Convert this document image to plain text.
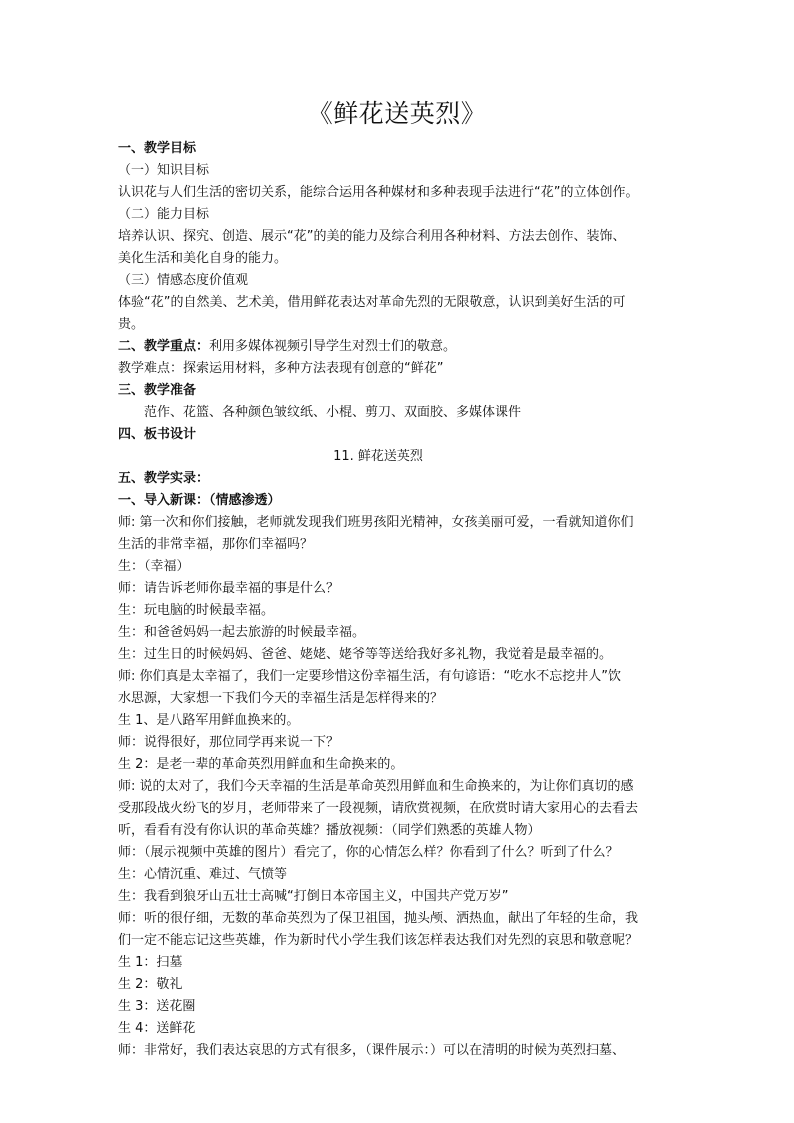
《鲜花送英烈》
一、教学目标
（一）知识目标
认识花与人们生活的密切关系，能综合运用各种媒材和多种表现手法进行“花”的立体创作。
（二）能力目标
培养认识、探究、创造、展示“花”的美的能力及综合利用各种材料、方法去创作、装饰、
美化生活和美化自身的能力。
（三）情感态度价值观
体验“花”的自然美、艺术美，借用鲜花表达对革命先烈的无限敬意，认识到美好生活的可
贵。
二、教学重点：利用多媒体视频引导学生对烈士们的敬意。
教学难点：探索运用材料，多种方法表现有创意的“鲜花”
三、教学准备
范作、花篮、各种颜色皱纹纸、小棍、剪刀、双面胶、多媒体课件
四、板书设计
11. 鲜花送英烈
五、教学实录：
一、导入新课：（情感渗透）
师: 第一次和你们接触，老师就发现我们班男孩阳光精神，女孩美丽可爱，一看就知道你们
生活的非常幸福，那你们幸福吗？
生：（幸福）
师：请告诉老师你最幸福的事是什么？
生：玩电脑的时候最幸福。
生：和爸爸妈妈一起去旅游的时候最幸福。
生：过生日的时候妈妈、爸爸、姥姥、姥爷等等送给我好多礼物，我觉着是最幸福的。
师: 你们真是太幸福了，我们一定要珍惜这份幸福生活，有句谚语：“吃水不忘挖井人”饮
水思源，大家想一下我们今天的幸福生活是怎样得来的？
生 1、是八路军用鲜血换来的。
师：说得很好，那位同学再来说一下？
生 2：是老一辈的革命英烈用鲜血和生命换来的。
师: 说的太对了，我们今天幸福的生活是革命英烈用鲜血和生命换来的，为让你们真切的感
受那段战火纷飞的岁月，老师带来了一段视频，请欣赏视频，在欣赏时请大家用心的去看去
听，看看有没有你认识的革命英雄？播放视频：（同学们熟悉的英雄人物）
师：（展示视频中英雄的图片）看完了，你的心情怎么样？你看到了什么？听到了什么？
生：心情沉重、难过、气愤等
生：我看到狼牙山五壮士高喊“打倒日本帝国主义，中国共产党万岁”
师：听的很仔细，无数的革命英烈为了保卫祖国，抛头颅、洒热血，献出了年轻的生命，我
们一定不能忘记这些英雄，作为新时代小学生我们该怎样表达我们对先烈的哀思和敬意呢？
生 1：扫墓
生 2：敬礼
生 3：送花圈
生 4：送鲜花
师：非常好，我们表达哀思的方式有很多，（课件展示：）可以在清明的时候为英烈扫墓、
